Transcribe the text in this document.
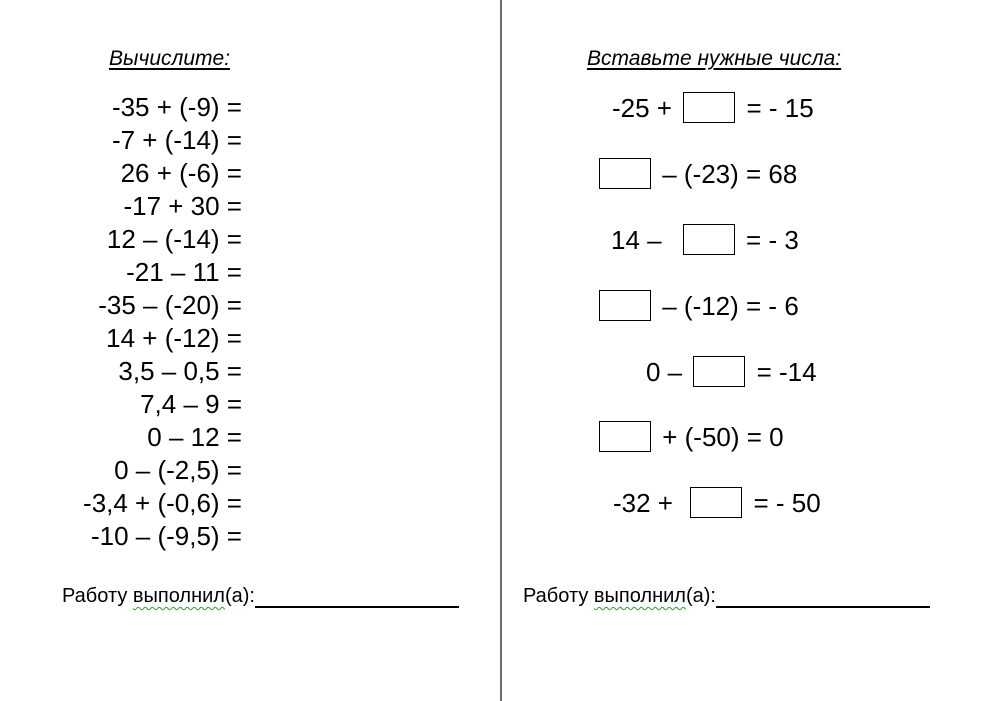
Вычислите:
-35 + (-9) =
-7 + (-14) =
26 + (-6) =
-17 + 30 =
12 – (-14) =
-21 – 11 =
-35 – (-20) =
14 + (-12) =
3,5 – 0,5 =
7,4 – 9 =
0 – 12 =
0 – (-2,5) =
-3,4 + (-0,6) =
-10 – (-9,5) =
Работу выполнил(а):
Вставьте нужные числа:
-25 +  = - 15
– (-23) = 68
14 –	= - 3
– (-12) = - 6
0 –  = -14
+ (-50) = 0
-32 +	= - 50
Работу выполнил(а):
